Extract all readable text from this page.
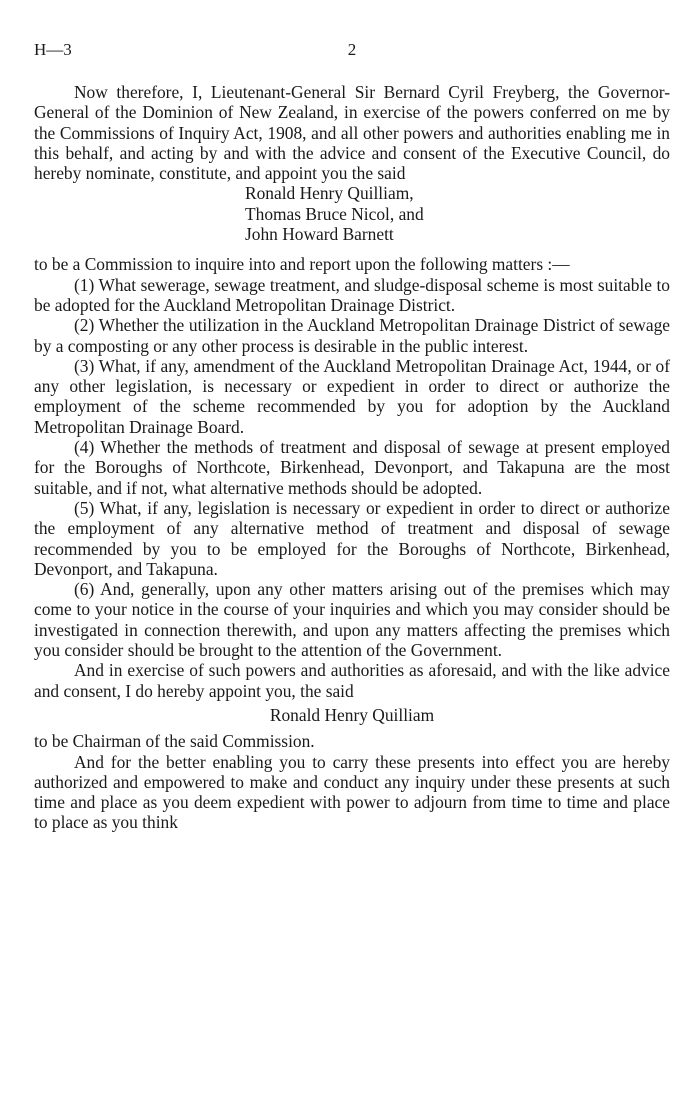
H—3	2

Now therefore, I, Lieutenant-General Sir Bernard Cyril Freyberg, the Governor-General of the Dominion of New Zealand, in exercise of the powers conferred on me by the Commissions of Inquiry Act, 1908, and all other powers and authorities enabling me in this behalf, and acting by and with the advice and consent of the Executive Council, do hereby nominate, constitute, and appoint you the said

Ronald Henry Quilliam,
Thomas Bruce Nicol, and
John Howard Barnett

to be a Commission to inquire into and report upon the following matters :—

(1) What sewerage, sewage treatment, and sludge-disposal scheme is most suitable to be adopted for the Auckland Metropolitan Drainage District.

(2) Whether the utilization in the Auckland Metropolitan Drainage District of sewage by a composting or any other process is desirable in the public interest.

(3) What, if any, amendment of the Auckland Metropolitan Drainage Act, 1944, or of any other legislation, is necessary or expedient in order to direct or authorize the employment of the scheme recommended by you for adoption by the Auckland Metropolitan Drainage Board.

(4) Whether the methods of treatment and disposal of sewage at present employed for the Boroughs of Northcote, Birkenhead, Devonport, and Takapuna are the most suitable, and if not, what alternative methods should be adopted.

(5) What, if any, legislation is necessary or expedient in order to direct or authorize the employment of any alternative method of treatment and disposal of sewage recommended by you to be employed for the Boroughs of Northcote, Birkenhead, Devonport, and Takapuna.

(6) And, generally, upon any other matters arising out of the premises which may come to your notice in the course of your inquiries and which you may consider should be investigated in connection therewith, and upon any matters affecting the premises which you consider should be brought to the attention of the Government.

And in exercise of such powers and authorities as aforesaid, and with the like advice and consent, I do hereby appoint you, the said

Ronald Henry Quilliam

to be Chairman of the said Commission.

And for the better enabling you to carry these presents into effect you are hereby authorized and empowered to make and conduct any inquiry under these presents at such time and place as you deem expedient with power to adjourn from time to time and place to place as you think
